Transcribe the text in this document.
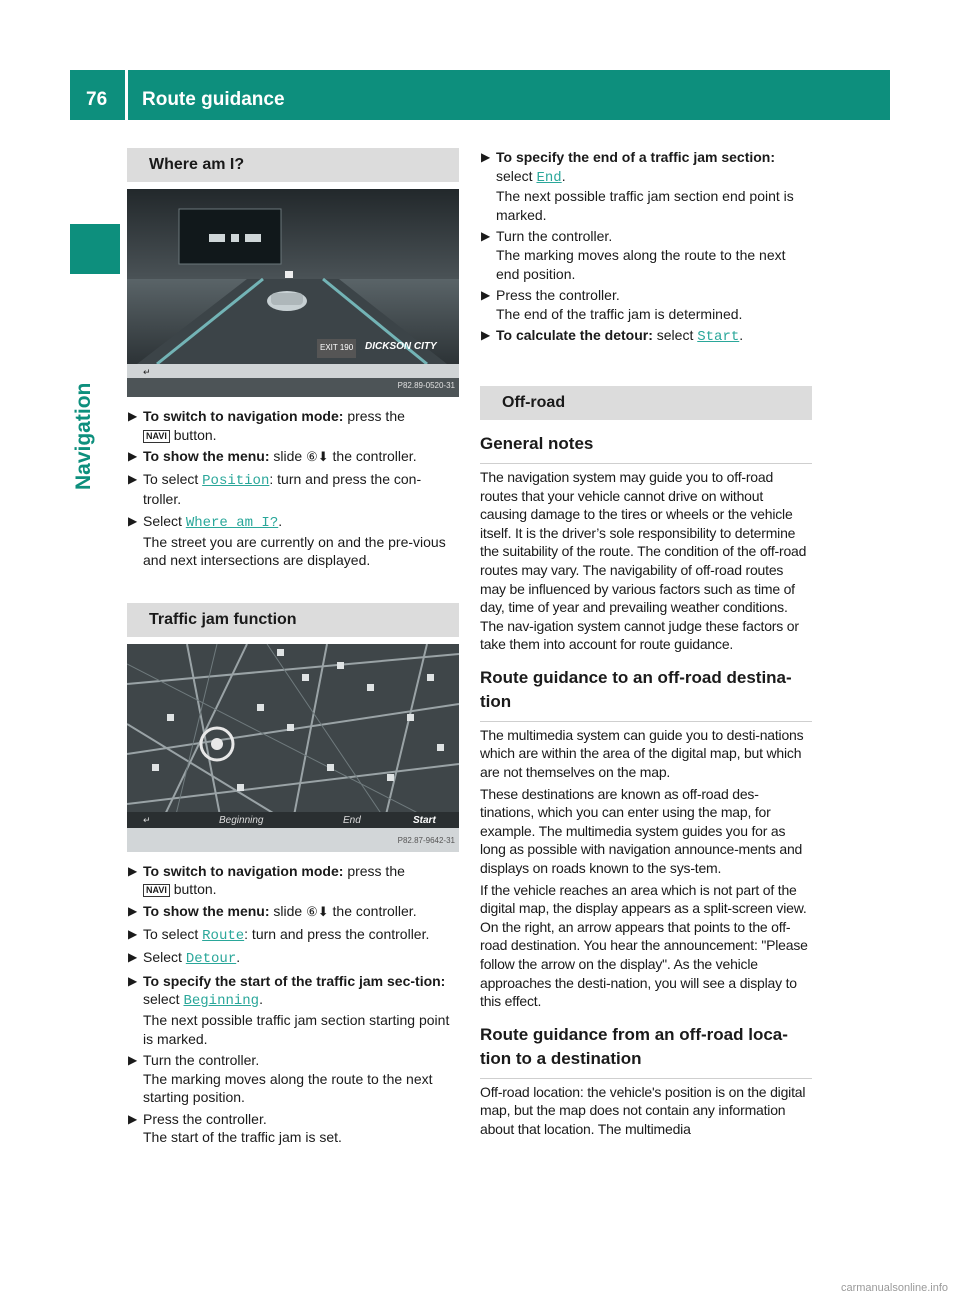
76 Route guidance
Navigation
Where am I?
↵
EXIT 190	DICKSON CITY
P82.89-0520-31
▶ To switch to navigation mode: press the
NAVI button.
▶ To show the menu: slide ⑥⬇ the controller.
▶ To select Position: turn and press the con-troller.
▶ Select Where am I?.
The street you are currently on and the pre-vious and next intersections are displayed.
Traffic jam function
↵	Beginning	End	Start
P82.87-9642-31
▶ To switch to navigation mode: press the
NAVI button.
▶ To show the menu: slide ⑥⬇ the controller.
▶ To select Route: turn and press the controller.
▶ Select Detour.
▶ To specify the start of the traffic jam sec-tion: select Beginning.
The next possible traffic jam section starting point is marked.
▶ Turn the controller.
The marking moves along the route to the next starting position.
▶ Press the controller.
The start of the traffic jam is set.
▶ To specify the end of a traffic jam section: select End.
The next possible traffic jam section end point is marked.
▶ Turn the controller.
The marking moves along the route to the next end position.
▶ Press the controller.
The end of the traffic jam is determined.
▶ To calculate the detour: select Start.
Off-road
General notes
The navigation system may guide you to off-road routes that your vehicle cannot drive on without causing damage to the tires or wheels or the vehicle itself. It is the driver’s sole responsibility to determine the suitability of the route. The condition of the off-road routes may vary. The navigability of off-road routes may be influenced by various factors such as time of day, time of year and prevailing weather conditions. The nav-igation system cannot judge these factors or take them into account for route guidance.
Route guidance to an off-road destina-tion
The multimedia system can guide you to desti-nations which are within the area of the digital map, but which are not themselves on the map.
These destinations are known as off-road des-tinations, which you can enter using the map, for example. The multimedia system guides you for as long as possible with navigation announce-ments and displays on roads known to the sys-tem.
If the vehicle reaches an area which is not part of the digital map, the display appears as a split-screen view. On the right, an arrow appears that points to the off-road destination. You hear the announcement: "Please follow the arrow on the display". As the vehicle approaches the desti-nation, you will see a display to this effect.
Route guidance from an off-road loca-tion to a destination
Off-road location: the vehicle's position is on the digital map, but the map does not contain any information about that location. The multimedia
carmanualsonline.info
